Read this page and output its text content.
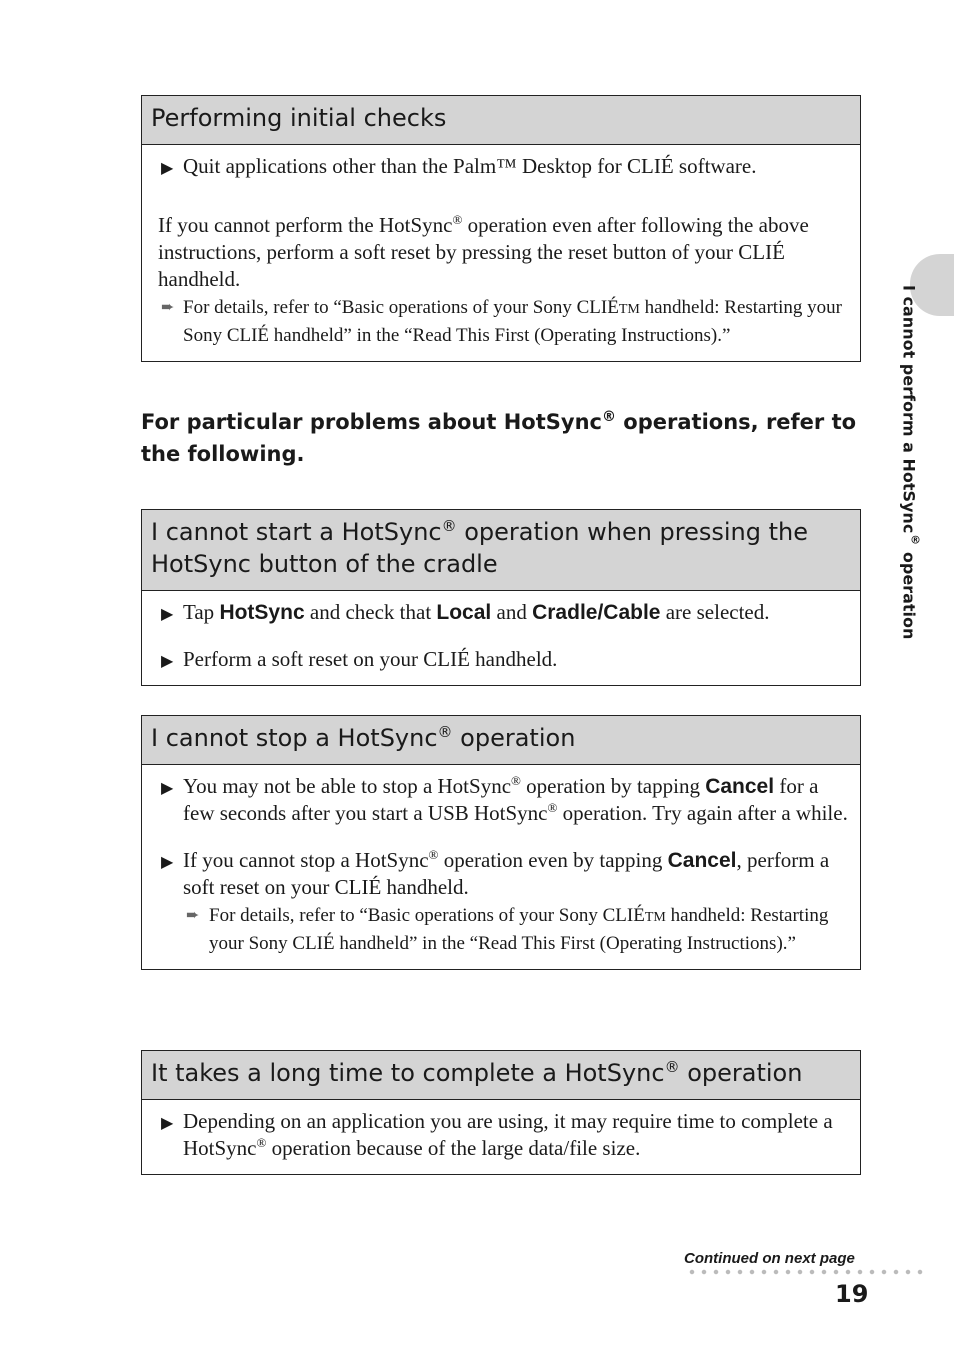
I cannot perform a HotSync® operation
Performing initial checks
▶ Quit applications other than the Palm™ Desktop for CLIÉ software.
If you cannot perform the HotSync® operation even after following the above instructions, perform a soft reset by pressing the reset button of your CLIÉ handheld.
➨ For details, refer to “Basic operations of your Sony CLIÉTM handheld: Restarting your Sony CLIÉ handheld” in the “Read This First (Operating Instructions).”
For particular problems about HotSync® operations, refer to the following.
I cannot start a HotSync® operation when pressing the HotSync button of the cradle
▶ Tap HotSync and check that Local and Cradle/Cable are selected.
▶ Perform a soft reset on your CLIÉ handheld.
I cannot stop a HotSync® operation
▶ You may not be able to stop a HotSync® operation by tapping Cancel for a few seconds after you start a USB HotSync® operation. Try again after a while.
▶ If you cannot stop a HotSync® operation even by tapping Cancel, perform a soft reset on your CLIÉ handheld.
➨ For details, refer to “Basic operations of your Sony CLIÉTM handheld: Restarting your Sony CLIÉ handheld” in the “Read This First (Operating Instructions).”
It takes a long time to complete a HotSync® operation
▶ Depending on an application you are using, it may require time to complete a HotSync® operation because of the large data/file size.
Continued on next page
19
